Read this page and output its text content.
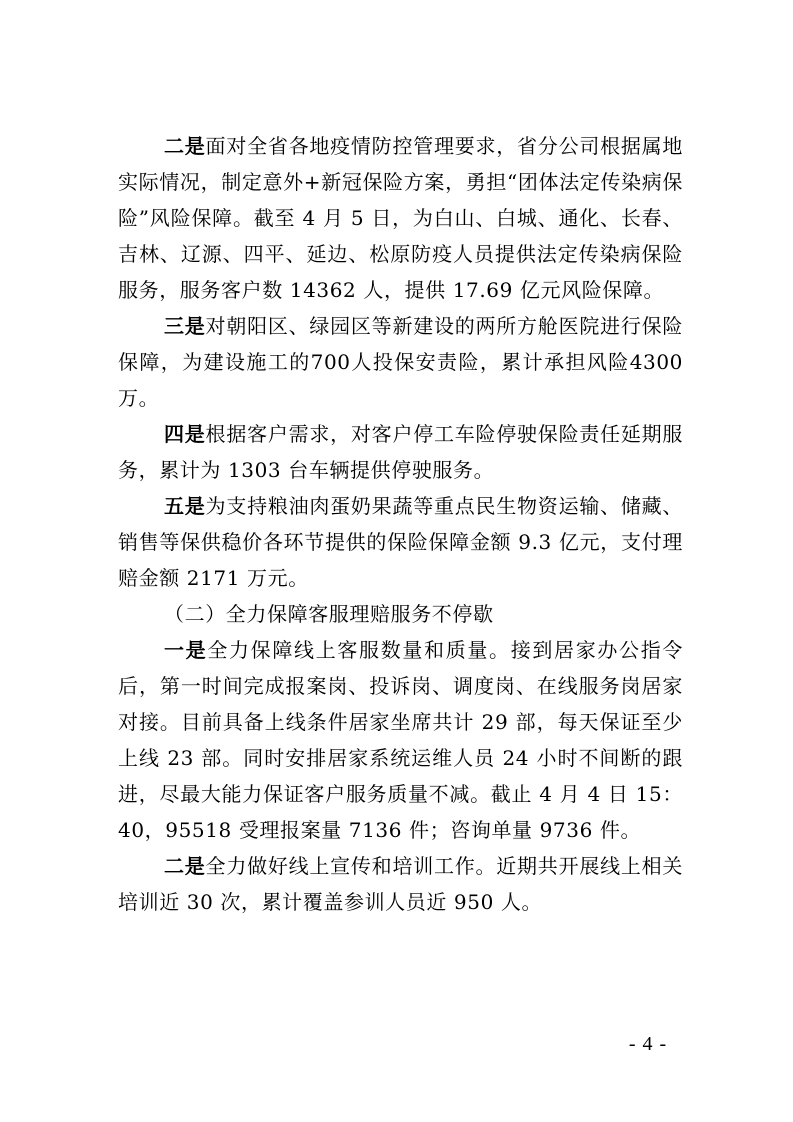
二是面对全省各地疫情防控管理要求，省分公司根据属地实际情况，制定意外+新冠保险方案，勇担“团体法定传染病保险”风险保障。截至 4 月 5 日，为白山、白城、通化、长春、吉林、辽源、四平、延边、松原防疫人员提供法定传染病保险服务，服务客户数 14362 人，提供 17.69 亿元风险保障。

三是对朝阳区、绿园区等新建设的两所方舱医院进行保险保障，为建设施工的700人投保安责险，累计承担风险4300万。

四是根据客户需求，对客户停工车险停驶保险责任延期服务，累计为 1303 台车辆提供停驶服务。

五是为支持粮油肉蛋奶果蔬等重点民生物资运输、储藏、销售等保供稳价各环节提供的保险保障金额 9.3 亿元，支付理赔金额 2171 万元。

（二）全力保障客服理赔服务不停歇

一是全力保障线上客服数量和质量。接到居家办公指令后，第一时间完成报案岗、投诉岗、调度岗、在线服务岗居家对接。目前具备上线条件居家坐席共计 29 部，每天保证至少上线 23 部。同时安排居家系统运维人员 24 小时不间断的跟进，尽最大能力保证客户服务质量不减。截止 4 月 4 日 15：40，95518 受理报案量 7136 件；咨询单量 9736 件。

二是全力做好线上宣传和培训工作。近期共开展线上相关培训近 30 次，累计覆盖参训人员近 950 人。

- 4 -
